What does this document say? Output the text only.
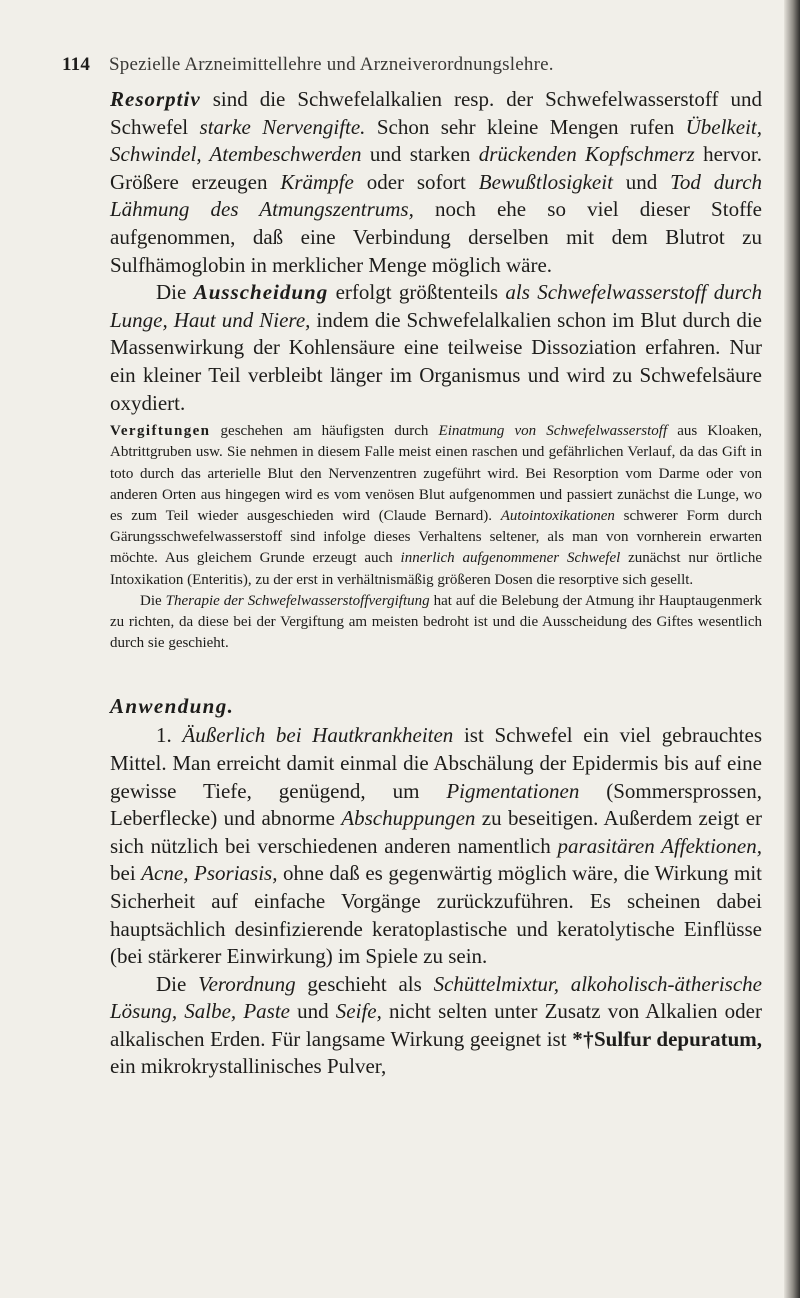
114 Spezielle Arzneimittellehre und Arzneiverordnungslehre.

Resorptiv sind die Schwefelalkalien resp. der Schwefelwasserstoff und Schwefel starke Nervengifte. Schon sehr kleine Mengen rufen Übelkeit, Schwindel, Atembeschwerden und starken drückenden Kopfschmerz hervor. Größere erzeugen Krämpfe oder sofort Bewußtlosigkeit und Tod durch Lähmung des Atmungszentrums, noch ehe so viel dieser Stoffe aufgenommen, daß eine Verbindung derselben mit dem Blutrot zu Sulfhämoglobin in merklicher Menge möglich wäre.

Die Ausscheidung erfolgt größtenteils als Schwefelwasserstoff durch Lunge, Haut und Niere, indem die Schwefelalkalien schon im Blut durch die Massenwirkung der Kohlensäure eine teilweise Dissoziation erfahren. Nur ein kleiner Teil verbleibt länger im Organismus und wird zu Schwefelsäure oxydiert.

Vergiftungen geschehen am häufigsten durch Einatmung von Schwefelwasserstoff aus Kloaken, Abtrittgruben usw. Sie nehmen in diesem Falle meist einen raschen und gefährlichen Verlauf, da das Gift in toto durch das arterielle Blut den Nervenzentren zugeführt wird. Bei Resorption vom Darme oder von anderen Orten aus hingegen wird es vom venösen Blut aufgenommen und passiert zunächst die Lunge, wo es zum Teil wieder ausgeschieden wird (Claude Bernard). Autointoxikationen schwerer Form durch Gärungsschwefelwasserstoff sind infolge dieses Verhaltens seltener, als man von vornherein erwarten möchte. Aus gleichem Grunde erzeugt auch innerlich aufgenommener Schwefel zunächst nur örtliche Intoxikation (Enteritis), zu der erst in verhältnismäßig größeren Dosen die resorptive sich gesellt.

Die Therapie der Schwefelwasserstoffvergiftung hat auf die Belebung der Atmung ihr Hauptaugenmerk zu richten, da diese bei der Vergiftung am meisten bedroht ist und die Ausscheidung des Giftes wesentlich durch sie geschieht.

Anwendung.

1. Äußerlich bei Hautkrankheiten ist Schwefel ein viel gebrauchtes Mittel. Man erreicht damit einmal die Abschälung der Epidermis bis auf eine gewisse Tiefe, genügend, um Pigmentationen (Sommersprossen, Leberflecke) und abnorme Abschuppungen zu beseitigen. Außerdem zeigt er sich nützlich bei verschiedenen anderen namentlich parasitären Affektionen, bei Acne, Psoriasis, ohne daß es gegenwärtig möglich wäre, die Wirkung mit Sicherheit auf einfache Vorgänge zurückzuführen. Es scheinen dabei hauptsächlich desinfizierende keratoplastische und keratolytische Einflüsse (bei stärkerer Einwirkung) im Spiele zu sein.

Die Verordnung geschieht als Schüttelmixtur, alkoholisch-ätherische Lösung, Salbe, Paste und Seife, nicht selten unter Zusatz von Alkalien oder alkalischen Erden. Für langsame Wirkung geeignet ist *†Sulfur depuratum, ein mikrokrystallinisches Pulver,
